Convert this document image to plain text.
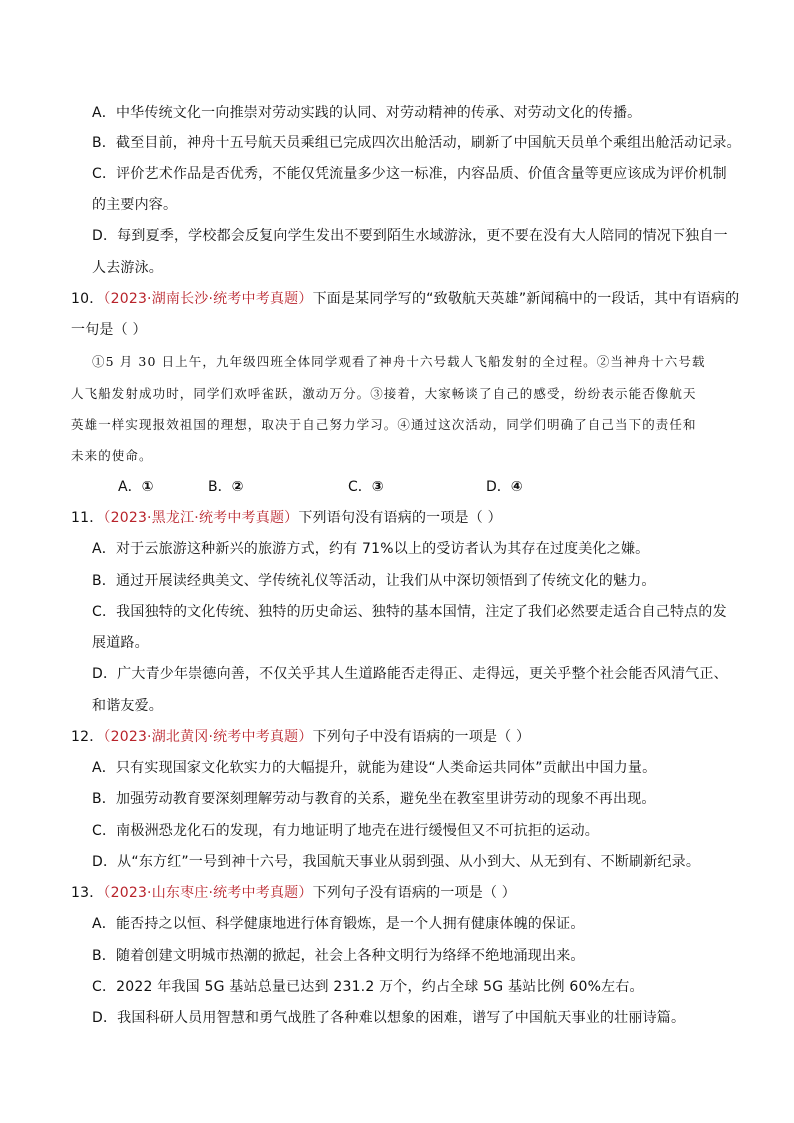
A．中华传统文化一向推崇对劳动实践的认同、对劳动精神的传承、对劳动文化的传播。
B．截至目前，神舟十五号航天员乘组已完成四次出舱活动，刷新了中国航天员单个乘组出舱活动记录。
C．评价艺术作品是否优秀，不能仅凭流量多少这一标准，内容品质、价值含量等更应该成为评价机制
的主要内容。
D．每到夏季，学校都会反复向学生发出不要到陌生水域游泳，更不要在没有大人陪同的情况下独自一
人去游泳。
10．（2023·湖南长沙·统考中考真题）下面是某同学写的“致敬航天英雄”新闻稿中的一段话，其中有语病的
一句是（ ）
①5 月 30 日上午，九年级四班全体同学观看了神舟十六号载人飞船发射的全过程。②当神舟十六号载
人飞船发射成功时，同学们欢呼雀跃，激动万分。③接着，大家畅谈了自己的感受，纷纷表示能否像航天
英雄一样实现报效祖国的理想，取决于自己努力学习。④通过这次活动，同学们明确了自己当下的责任和
未来的使命。
A．①	B．②	C．③	D．④
11．（2023·黑龙江·统考中考真题）下列语句没有语病的一项是（ ）
A．对于云旅游这种新兴的旅游方式，约有 71%以上的受访者认为其存在过度美化之嫌。
B．通过开展读经典美文、学传统礼仪等活动，让我们从中深切领悟到了传统文化的魅力。
C．我国独特的文化传统、独特的历史命运、独特的基本国情，注定了我们必然要走适合自己特点的发
展道路。
D．广大青少年崇德向善，不仅关乎其人生道路能否走得正、走得远，更关乎整个社会能否风清气正、
和谐友爱。
12．（2023·湖北黄冈·统考中考真题）下列句子中没有语病的一项是（ ）
A．只有实现国家文化软实力的大幅提升，就能为建设“人类命运共同体”贡献出中国力量。
B．加强劳动教育要深刻理解劳动与教育的关系，避免坐在教室里讲劳动的现象不再出现。
C．南极洲恐龙化石的发现，有力地证明了地壳在进行缓慢但又不可抗拒的运动。
D．从“东方红”一号到神十六号，我国航天事业从弱到强、从小到大、从无到有、不断刷新纪录。
13．（2023·山东枣庄·统考中考真题）下列句子没有语病的一项是（ ）
A．能否持之以恒、科学健康地进行体育锻炼，是一个人拥有健康体魄的保证。
B．随着创建文明城市热潮的掀起，社会上各种文明行为络绎不绝地涌现出来。
C．2022 年我国 5G 基站总量已达到 231.2 万个，约占全球 5G 基站比例 60%左右。
D．我国科研人员用智慧和勇气战胜了各种难以想象的困难，谱写了中国航天事业的壮丽诗篇。
